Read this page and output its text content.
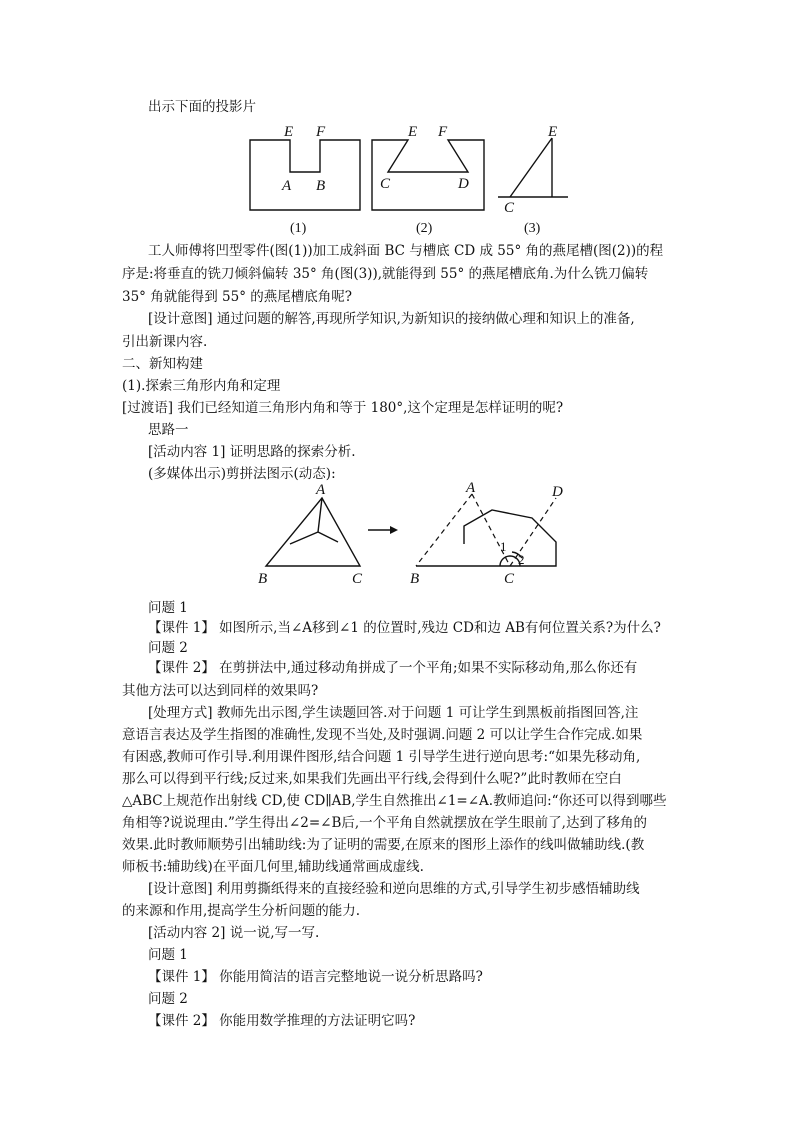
出示下面的投影片
E F
A B
(1)
E F
C	D
(2)
E
C
(3)
工人师傅将凹型零件(图(1))加工成斜面 BC 与槽底 CD 成 55° 角的燕尾槽(图(2))的程
序是:将垂直的铣刀倾斜偏转 35° 角(图(3)),就能得到 55° 的燕尾槽底角.为什么铣刀偏转
35° 角就能得到 55° 的燕尾槽底角呢?
[设计意图] 通过问题的解答,再现所学知识,为新知识的接纳做心理和知识上的准备,
引出新课内容.
二、新知构建
(1).探索三角形内角和定理
[过渡语] 我们已经知道三角形内角和等于 180°,这个定理是怎样证明的呢?
思路一
[活动内容 1] 证明思路的探索分析.
(多媒体出示)剪拼法图示(动态):
A
B	C
A
B	C
D
1
2
问题 1
【课件 1】 如图所示,当∠A移到∠1 的位置时,残边 CD和边 AB有何位置关系?为什么?
问题 2
【课件 2】 在剪拼法中,通过移动角拼成了一个平角;如果不实际移动角,那么你还有
其他方法可以达到同样的效果吗?
[处理方式] 教师先出示图,学生读题回答.对于问题 1 可让学生到黑板前指图回答,注
意语言表达及学生指图的准确性,发现不当处,及时强调.问题 2 可以让学生合作完成.如果
有困惑,教师可作引导.利用课件图形,结合问题 1 引导学生进行逆向思考:“如果先移动角,
那么可以得到平行线;反过来,如果我们先画出平行线,会得到什么呢?”此时教师在空白
△ABC上规范作出射线 CD,使 CD∥AB,学生自然推出∠1=∠A.教师追问:“你还可以得到哪些
角相等?说说理由.”学生得出∠2=∠B后,一个平角自然就摆放在学生眼前了,达到了移角的
效果.此时教师顺势引出辅助线:为了证明的需要,在原来的图形上添作的线叫做辅助线.(教
师板书:辅助线)在平面几何里,辅助线通常画成虚线.
[设计意图] 利用剪撕纸得来的直接经验和逆向思维的方式,引导学生初步感悟辅助线
的来源和作用,提高学生分析问题的能力.
[活动内容 2] 说一说,写一写.
问题 1
【课件 1】 你能用简洁的语言完整地说一说分析思路吗?
问题 2
【课件 2】 你能用数学推理的方法证明它吗?
